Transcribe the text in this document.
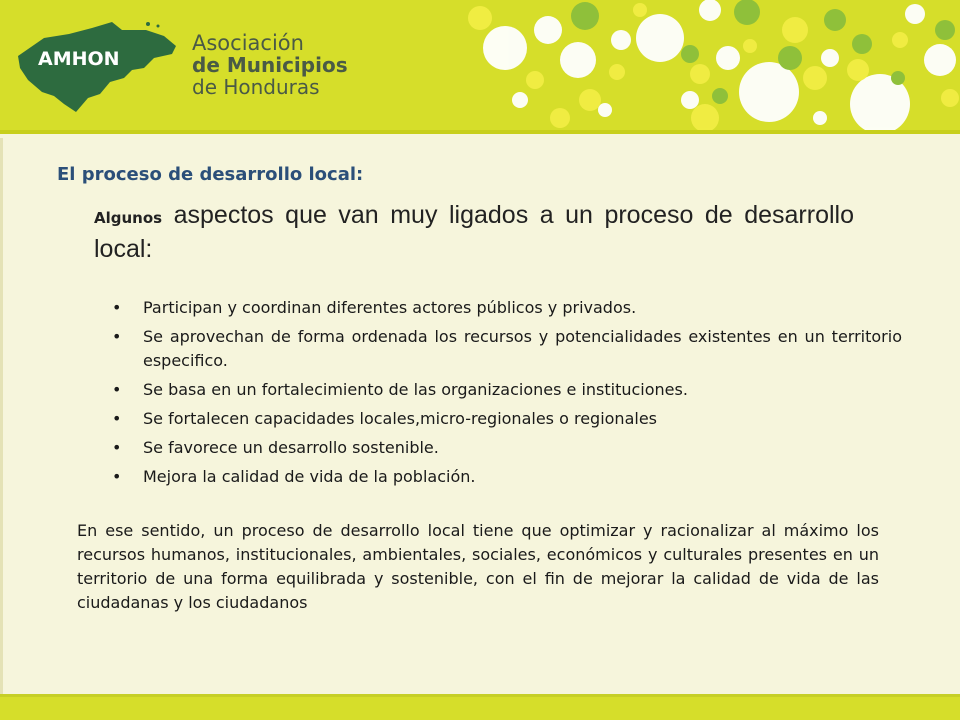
AMHON
Asociación
de Municipios
de Honduras
El proceso de desarrollo local:
Algunos aspectos que van muy ligados a un proceso de desarrollo local:
• Participan y coordinan diferentes actores públicos y privados.
• Se aprovechan de forma ordenada los recursos y potencialidades existentes en un territorio especifico.
• Se basa en un fortalecimiento de las organizaciones e instituciones.
• Se fortalecen capacidades locales,micro-regionales o regionales
• Se favorece un desarrollo sostenible.
• Mejora la calidad de vida de la población.
En ese sentido, un proceso de desarrollo local tiene que optimizar y racionalizar al máximo los recursos humanos, institucionales, ambientales, sociales, económicos y culturales presentes en un territorio de una forma equilibrada y sostenible, con el fin de mejorar la calidad de vida de las ciudadanas y los ciudadanos
